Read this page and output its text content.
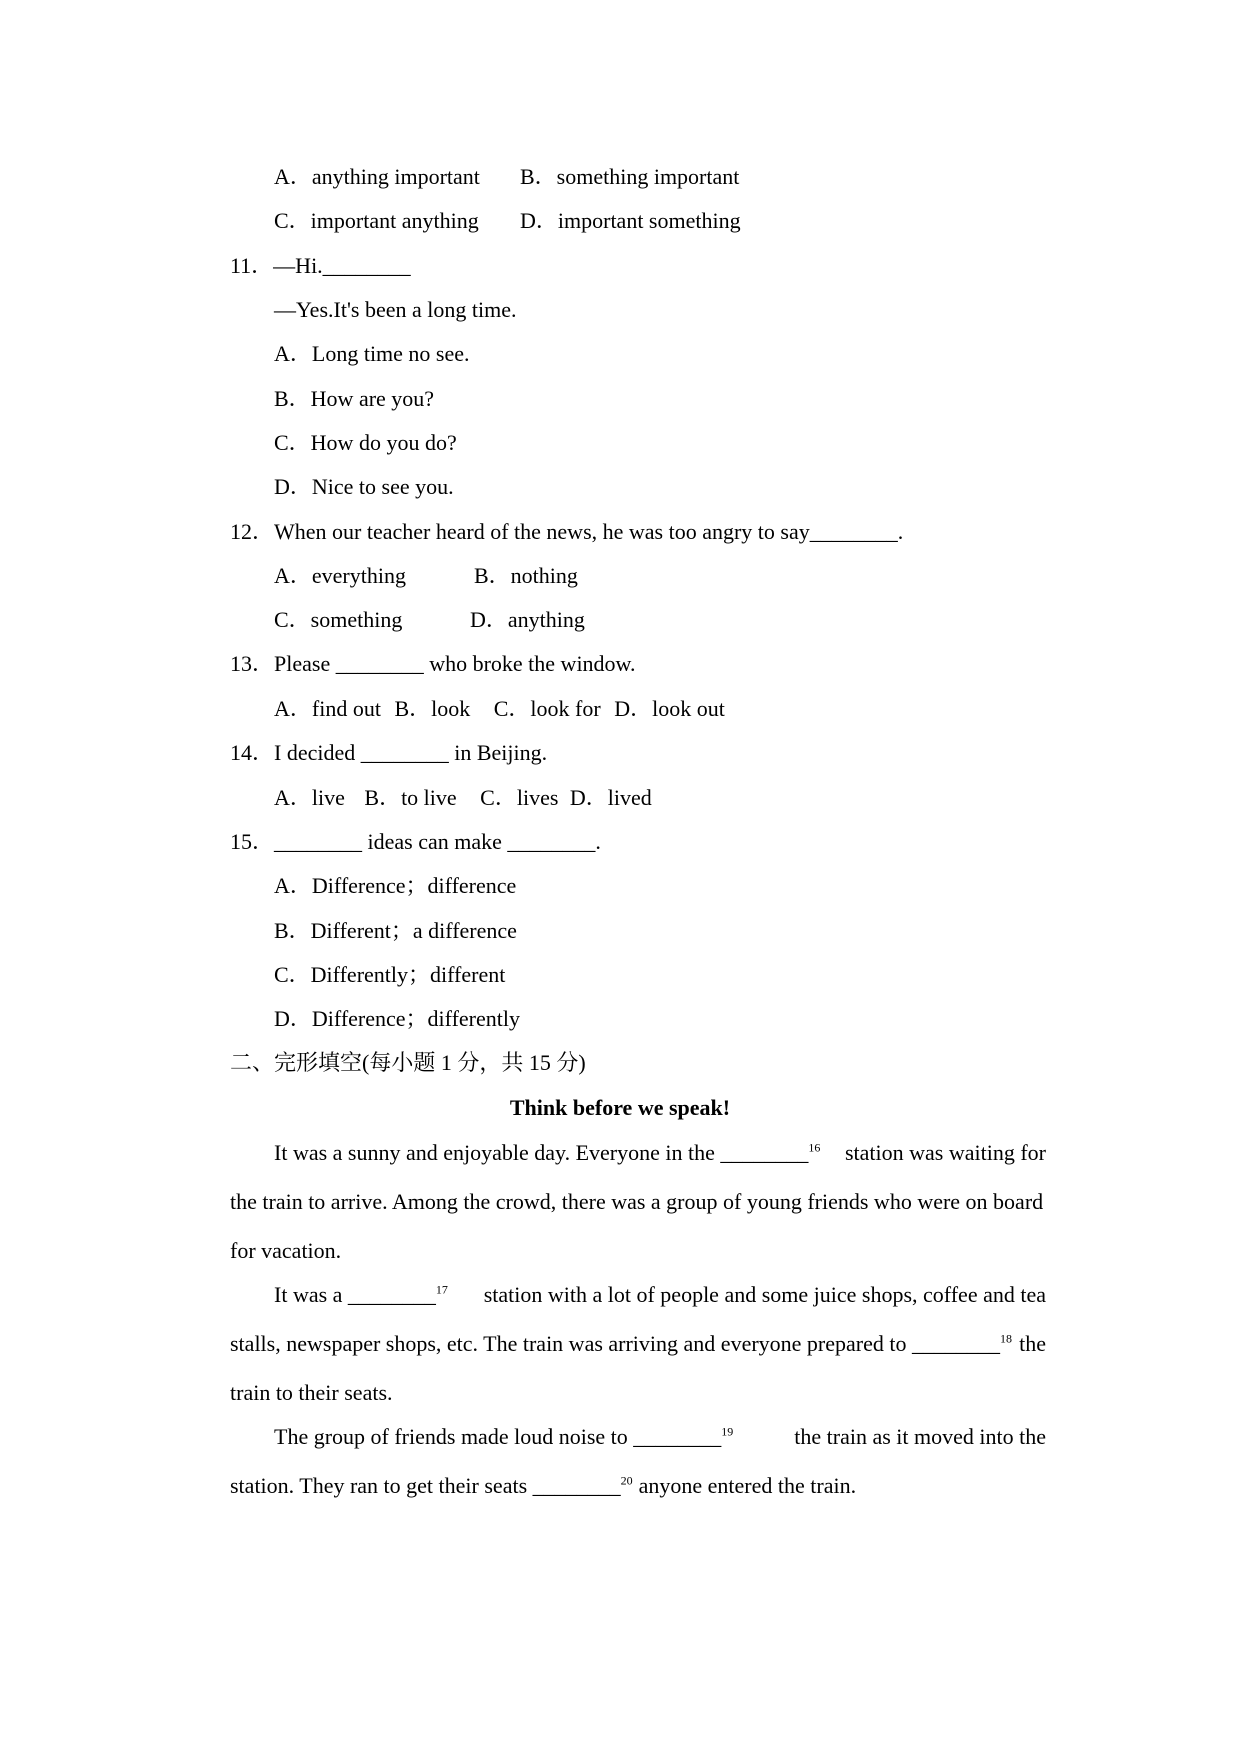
A．anything important B．something important
C．important anything D．important something
11．—Hi.________
—Yes.It's been a long time.
A．Long time no see.
B．How are you?
C．How do you do?
D．Nice to see you.
12．When our teacher heard of the news, he was too angry to say________.
A．everything	B．nothing
C．something	D．anything
13．Please ________ who broke the window.
A．find out B．look C．look for D．look out
14．I decided ________ in Beijing.
A．live B．to live C．lives D．lived
15．________ ideas can make ________.
A．Difference；difference
B．Different；a difference
C．Differently；different
D．Difference；differently
二、完形填空(每小题 1 分，共 15 分)
Think before we speak!
It was a sunny and enjoyable day. Everyone in the ________$^{16}$ station was waiting for
the train to arrive. Among the crowd, there was a group of young friends who were on board
for vacation.
It was a ________$^{17}$ station with a lot of people and some juice shops, coffee and tea
stalls, newspaper shops, etc. The train was arriving and everyone prepared to ________$^{18}$ the
train to their seats.
The group of friends made loud noise to ________$^{19}$	the train as it moved into the
station. They ran to get their seats ________$^{20}$ anyone entered the train.
